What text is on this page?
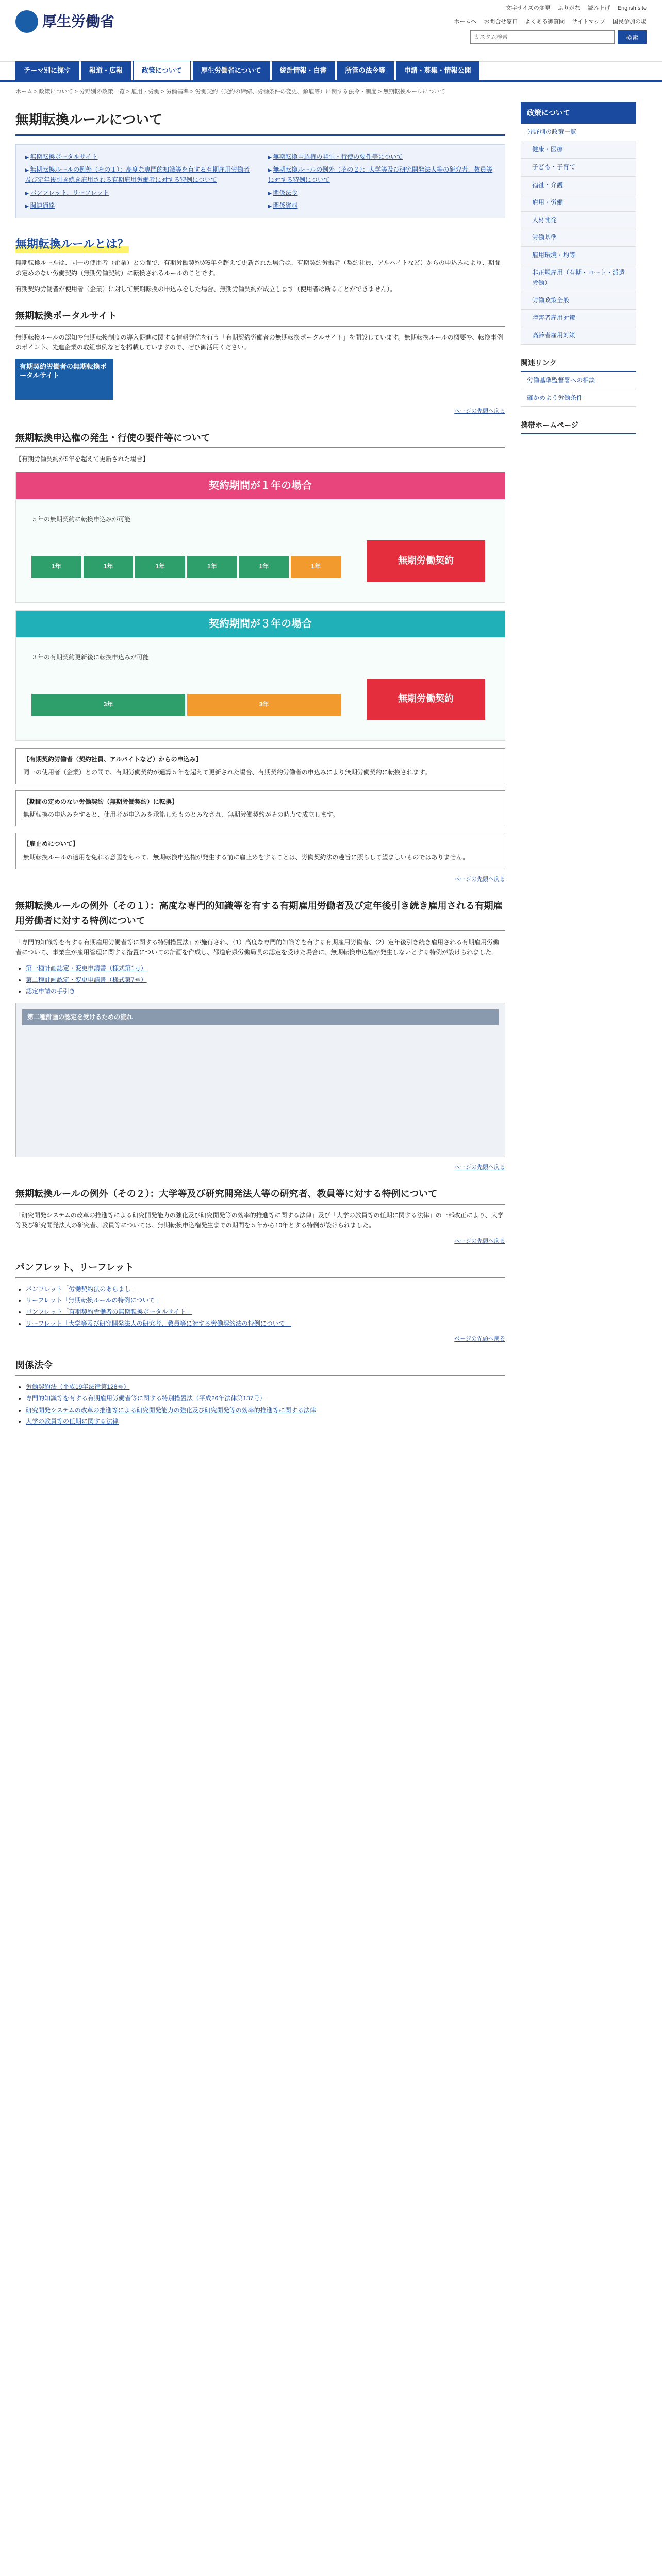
厚生労働省
文字サイズの変更 ふりがな 読み上げ English site
ホームへ お問合せ窓口 よくある御質問 サイトマップ 国民参加の場
カスタム検索
検索
テーマ別に探す	報道・広報	政策について	厚生労働省について	統計情報・白書	所管の法令等	申請・募集・情報公開
ホーム > 政策について > 分野別の政策一覧 > 雇用・労働 > 労働基準 > 労働契約（契約の締結、労働条件の変更、解雇等）に関する法令・制度 > 無期転換ルールについて
無期転換ルールについて
▶ 無期転換ポータルサイト	▶ 無期転換申込権の発生・行使の要件等について
▶ 無期転換ルールの例外（その１）：高度な専門的知識等を有する有期雇用労働者及び定年後引き続き雇用される有期雇用労働者に対する特例について
▶ 無期転換ルールの例外（その２）：大学等及び研究開発法人等の研究者、教員等に対する特例について
▶ パンフレット、リーフレット	▶ 関係法令
▶ 関連通達	▶ 関係資料
無期転換ルールとは？

無期転換ルールは、同一の使用者（企業）との間で、有期労働契約が5年を超えて更新された場合は、有期契約労働者（契約社員、アルバイトなど）からの申込みにより、期間の定めのない労働契約（無期労働契約）に転換されるルールのことです。

有期契約労働者が使用者（企業）に対して無期転換の申込みをした場合、無期労働契約が成立します（使用者は断ることができません）。

無期転換ポータルサイト

無期転換ルールの認知や無期転換制度の導入促進に関する情報発信を行う「有期契約労働者の無期転換ポータルサイト」を開設しています。無期転換ルールの概要や、転換事例のポイント、先進企業の取組事例などを掲載していますので、ぜひ御活用ください。

有期契約労働者の無期転換ポータルサイト
ページの先頭へ戻る
無期転換申込権の発生・行使の要件等について

【有期労働契約が5年を超えて更新された場合】

契約期間が１年の場合
５年の無期契約に転換申込みが可能
1年	1年	1年	1年	1年	1年
無期労働契約
契約期間が３年の場合
３年の有期契約更新後に転換申込みが可能
3年	3年
無期労働契約
【有期契約労働者（契約社員、アルバイトなど）からの申込み】
同一の使用者（企業）との間で、有期労働契約が通算５年を超えて更新された場合、有期契約労働者の申込みにより無期労働契約に転換されます。
【期間の定めのない労働契約（無期労働契約）に転換】
無期転換の申込みをすると、使用者が申込みを承諾したものとみなされ、無期労働契約がその時点で成立します。
【雇止めについて】
無期転換ルールの適用を免れる意図をもって、無期転換申込権が発生する前に雇止めをすることは、労働契約法の趣旨に照らして望ましいものではありません。
ページの先頭へ戻る
無期転換ルールの例外（その１）：高度な専門的知識等を有する有期雇用労働者及び定年後引き続き雇用される有期雇用労働者に対する特例について

「専門的知識等を有する有期雇用労働者等に関する特別措置法」が施行され、（1）高度な専門的知識等を有する有期雇用労働者、（2）定年後引き続き雇用される有期雇用労働者について、事業主が雇用管理に関する措置についての計画を作成し、都道府県労働局長の認定を受けた場合に、無期転換申込権が発生しないとする特例が設けられました。

• 第一種計画認定・変更申請書（様式第1号）
• 第二種計画認定・変更申請書（様式第7号）
• 認定申請の手引き
第二種計画の認定を受けるための流れ
ページの先頭へ戻る
無期転換ルールの例外（その２）：大学等及び研究開発法人等の研究者、教員等に対する特例について

「研究開発システムの改革の推進等による研究開発能力の強化及び研究開発等の効率的推進等に関する法律」及び「大学の教員等の任期に関する法律」の一部改正により、大学等及び研究開発法人の研究者、教員等については、無期転換申込権発生までの期間を５年から10年とする特例が設けられました。

ページの先頭へ戻る
パンフレット、リーフレット
• パンフレット「労働契約法のあらまし」
• リーフレット「無期転換ルールの特例について」
• パンフレット「有期契約労働者の無期転換ポータルサイト」
• リーフレット「大学等及び研究開発法人の研究者、教員等に対する労働契約法の特例について」
ページの先頭へ戻る
関係法令
• 労働契約法（平成19年法律第128号）
• 専門的知識等を有する有期雇用労働者等に関する特別措置法（平成26年法律第137号）
• 研究開発システムの改革の推進等による研究開発能力の強化及び研究開発等の効率的推進等に関する法律
• 大学の教員等の任期に関する法律
政策について
分野別の政策一覧
健康・医療
子ども・子育て
福祉・介護
雇用・労働
人材開発
労働基準
雇用環境・均等
非正規雇用（有期・パート・派遣労働）
労働政策全般
障害者雇用対策
高齢者雇用対策
関連リンク
労働基準監督署への相談
確かめよう労働条件
携帯ホームページ
